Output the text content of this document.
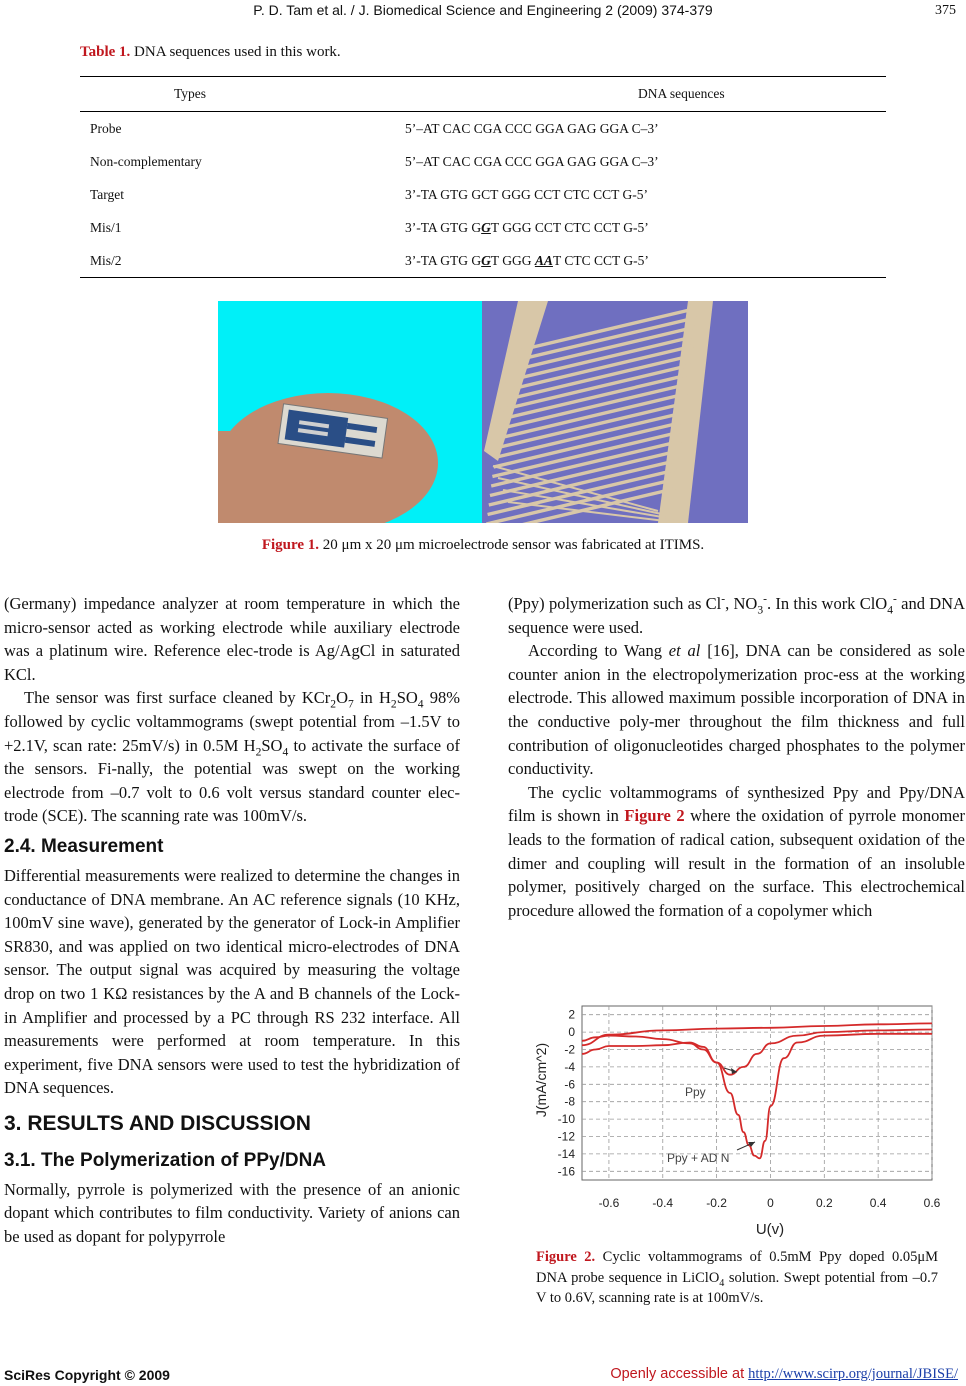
P. D. Tam et al. / J. Biomedical Science and Engineering 2 (2009) 374-379	375
Table 1. DNA sequences used in this work.
Types	DNA sequences
Probe	5’–AT CAC CGA CCC GGA GAG GGA C–3’
Non-complementary	5’–AT CAC CGA CCC GGA GAG GGA C–3’
Target	3’-TA GTG GCT GGG CCT CTC CCT G-5’
Mis/1	3’-TA GTG GGT GGG CCT CTC CCT G-5’
Mis/2	3’-TA GTG GGT GGG AAT CTC CCT G-5’
Figure 1. 20 μm x 20 μm microelectrode sensor was fabricated at ITIMS.

(Germany) impedance analyzer at room temperature in which the micro-sensor acted as working electrode while auxiliary electrode was a platinum wire. Reference elec-trode is Ag/AgCl in saturated KCl.

The sensor was first surface cleaned by $KCr_2O_7$ in $H_2SO_4$ 98% followed by cyclic voltammograms (swept potential from –1.5V to +2.1V, scan rate: 25mV/s) in 0.5M $H_2SO_4$ to activate the surface of the sensors. Fi-nally, the potential was swept on the working electrode from –0.7 volt to 0.6 volt versus standard counter elec-trode (SCE). The scanning rate was 100mV/s.

2.4. Measurement

Differential measurements were realized to determine the changes in conductance of DNA membrane. An AC reference signals (10 KHz, 100mV sine wave), generated by the generator of Lock-in Amplifier SR830, and was applied on two identical micro-electrodes of DNA sensor. The output signal was acquired by measuring the voltage drop on two 1 KΩ resistances by the A and B channels of the Lock-in Amplifier and processed by a PC through RS 232 interface. All measurements were performed at room temperature. In this experiment, five DNA sensors were used to test the hybridization of DNA sequences.

3. RESULTS AND DISCUSSION
3.1. The Polymerization of PPy/DNA

Normally, pyrrole is polymerized with the presence of an anionic dopant which contributes to film conductivity. Variety of anions can be used as dopant for polypyrrole

(Ppy) polymerization such as Cl-, $NO_3^-$. In this work ClO$_4$- and DNA sequence were used.

According to Wang et al [16], DNA can be considered as sole counter anion in the electropolymerization proc-ess at the working electrode. This allowed maximum possible incorporation of DNA in the conductive poly-mer throughout the film thickness and full contribution of oligonucleotides charged phosphates to the polymer conductivity.

The cyclic voltammograms of synthesized Ppy and Ppy/DNA film is shown in Figure 2 where the oxidation of pyrrole monomer leads to the formation of radical cation, subsequent oxidation of the dimer and coupling will result in the formation of an insoluble polymer, positively charged on the surface. This electrochemical procedure allowed the formation of a copolymer which

2
0
-2
-4
-6
-8
-10
-12
-14
-16
-0.6	-0.4	-0.2	0	0.2	0.4	0.6
U(v)
J(mA/cm^2)	Ppy
Ppy + AD N
Figure 2. Cyclic voltammograms of 0.5mM Ppy doped 0.05μM DNA probe sequence in LiClO$_4$ solution. Swept potential from –0.7 V to 0.6V, scanning rate is at 100mV/s.
SciRes Copyright © 2009	Openly accessible at http://www.scirp.org/journal/JBISE/
